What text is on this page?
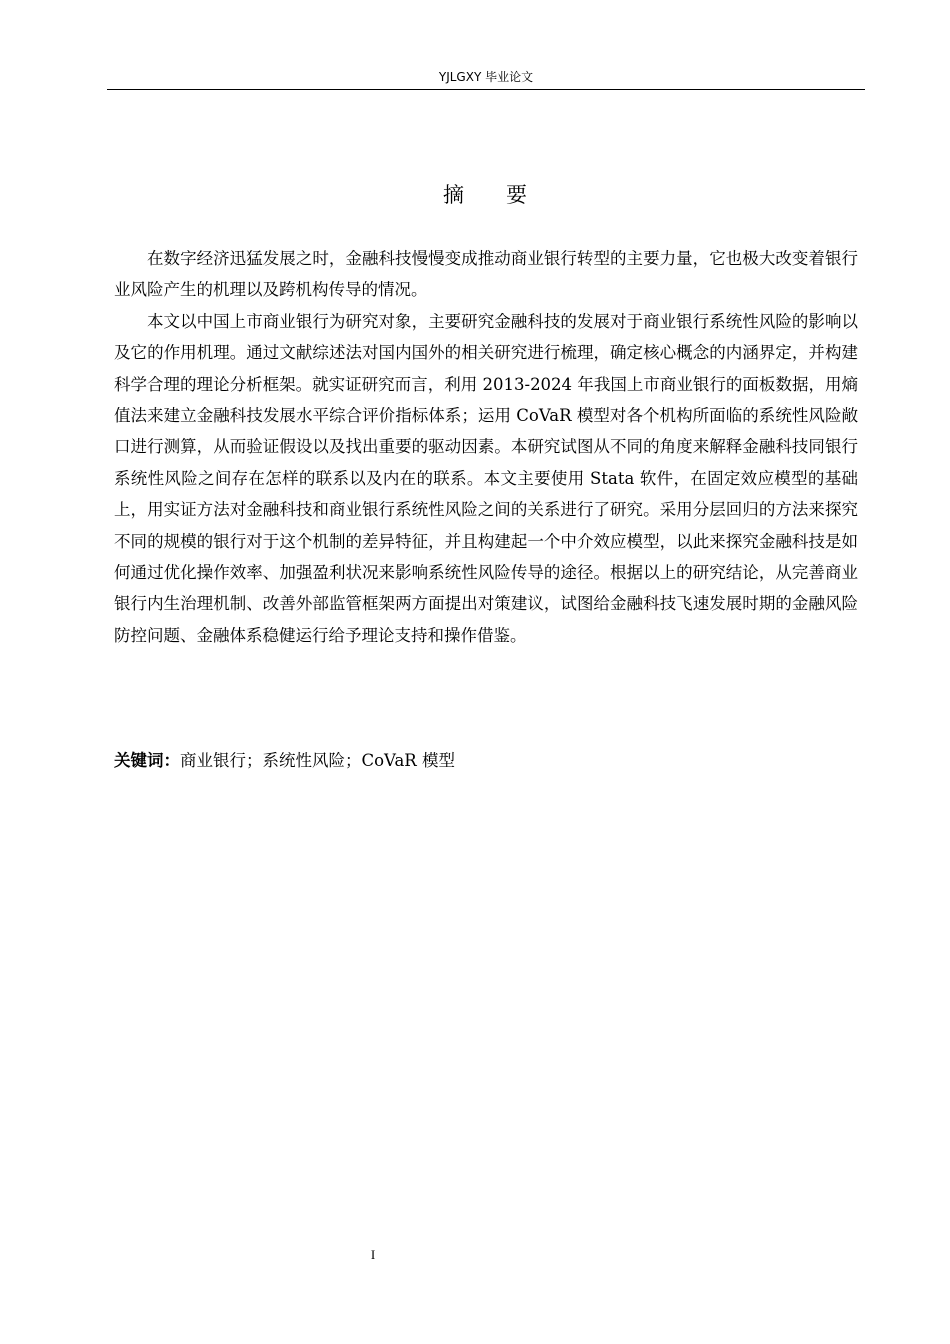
YJLGXY 毕业论文
摘 要

在数字经济迅猛发展之时，金融科技慢慢变成推动商业银行转型的主要力量，它也极大改变着银行业风险产生的机理以及跨机构传导的情况。

本文以中国上市商业银行为研究对象，主要研究金融科技的发展对于商业银行系统性风险的影响以及它的作用机理。通过文献综述法对国内国外的相关研究进行梳理，确定核心概念的内涵界定，并构建科学合理的理论分析框架。就实证研究而言，利用 2013-2024 年我国上市商业银行的面板数据，用熵值法来建立金融科技发展水平综合评价指标体系；运用 CoVaR 模型对各个机构所面临的系统性风险敞口进行测算，从而验证假设以及找出重要的驱动因素。本研究试图从不同的角度来解释金融科技同银行系统性风险之间存在怎样的联系以及内在的联系。本文主要使用 Stata 软件，在固定效应模型的基础上，用实证方法对金融科技和商业银行系统性风险之间的关系进行了研究。采用分层回归的方法来探究不同的规模的银行对于这个机制的差异特征，并且构建起一个中介效应模型，以此来探究金融科技是如何通过优化操作效率、加强盈利状况来影响系统性风险传导的途径。根据以上的研究结论，从完善商业银行内生治理机制、改善外部监管框架两方面提出对策建议，试图给金融科技飞速发展时期的金融风险防控问题、金融体系稳健运行给予理论支持和操作借鉴。

关键词：商业银行；系统性风险；CoVaR 模型
I
